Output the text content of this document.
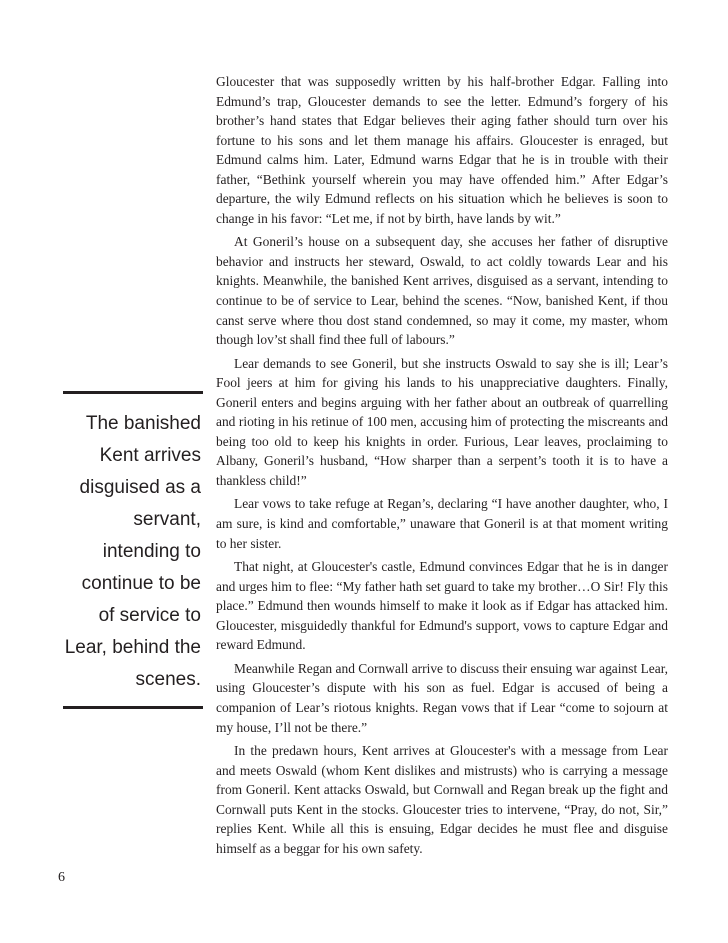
Gloucester that was supposedly written by his half-brother Edgar. Falling into Edmund’s trap, Gloucester demands to see the letter. Edmund’s forgery of his brother’s hand states that Edgar believes their aging father should turn over his fortune to his sons and let them manage his affairs. Gloucester is enraged, but Edmund calms him. Later, Edmund warns Edgar that he is in trouble with their father, “Bethink yourself wherein you may have offended him.” After Edgar’s departure, the wily Edmund reflects on his situation which he believes is soon to change in his favor: “Let me, if not by birth, have lands by wit.”

At Goneril’s house on a subsequent day, she accuses her father of disruptive behavior and instructs her steward, Oswald, to act coldly towards Lear and his knights. Meanwhile, the banished Kent arrives, disguised as a servant, intending to continue to be of service to Lear, behind the scenes. “Now, banished Kent, if thou canst serve where thou dost stand condemned, so may it come, my master, whom though lov’st shall find thee full of labours.”

Lear demands to see Goneril, but she instructs Oswald to say she is ill; Lear’s Fool jeers at him for giving his lands to his unappreciative daughters. Finally, Goneril enters and begins arguing with her father about an outbreak of quarrelling and rioting in his retinue of 100 men, accusing him of protecting the miscreants and being too old to keep his knights in order. Furious, Lear leaves, proclaiming to Albany, Goneril’s husband, “How sharper than a serpent’s tooth it is to have a thankless child!”

Lear vows to take refuge at Regan’s, declaring “I have another daughter, who, I am sure, is kind and comfortable,” unaware that Goneril is at that moment writing to her sister.

That night, at Gloucester's castle, Edmund convinces Edgar that he is in danger and urges him to flee: “My father hath set guard to take my brother…O Sir! Fly this place.” Edmund then wounds himself to make it look as if Edgar has attacked him. Gloucester, misguidedly thankful for Edmund's support, vows to capture Edgar and reward Edmund.

Meanwhile Regan and Cornwall arrive to discuss their ensuing war against Lear, using Gloucester’s dispute with his son as fuel. Edgar is accused of being a companion of Lear’s riotous knights. Regan vows that if Lear “come to sojourn at my house, I’ll not be there.”

In the predawn hours, Kent arrives at Gloucester's with a message from Lear and meets Oswald (whom Kent dislikes and mistrusts) who is carrying a message from Goneril. Kent attacks Oswald, but Cornwall and Regan break up the fight and Cornwall puts Kent in the stocks. Gloucester tries to intervene, “Pray, do not, Sir,” replies Kent. While all this is ensuing, Edgar decides he must flee and disguise himself as a beggar for his own safety.

The banished Kent arrives disguised as a servant, intending to continue to be of service to Lear, behind the scenes.
6
